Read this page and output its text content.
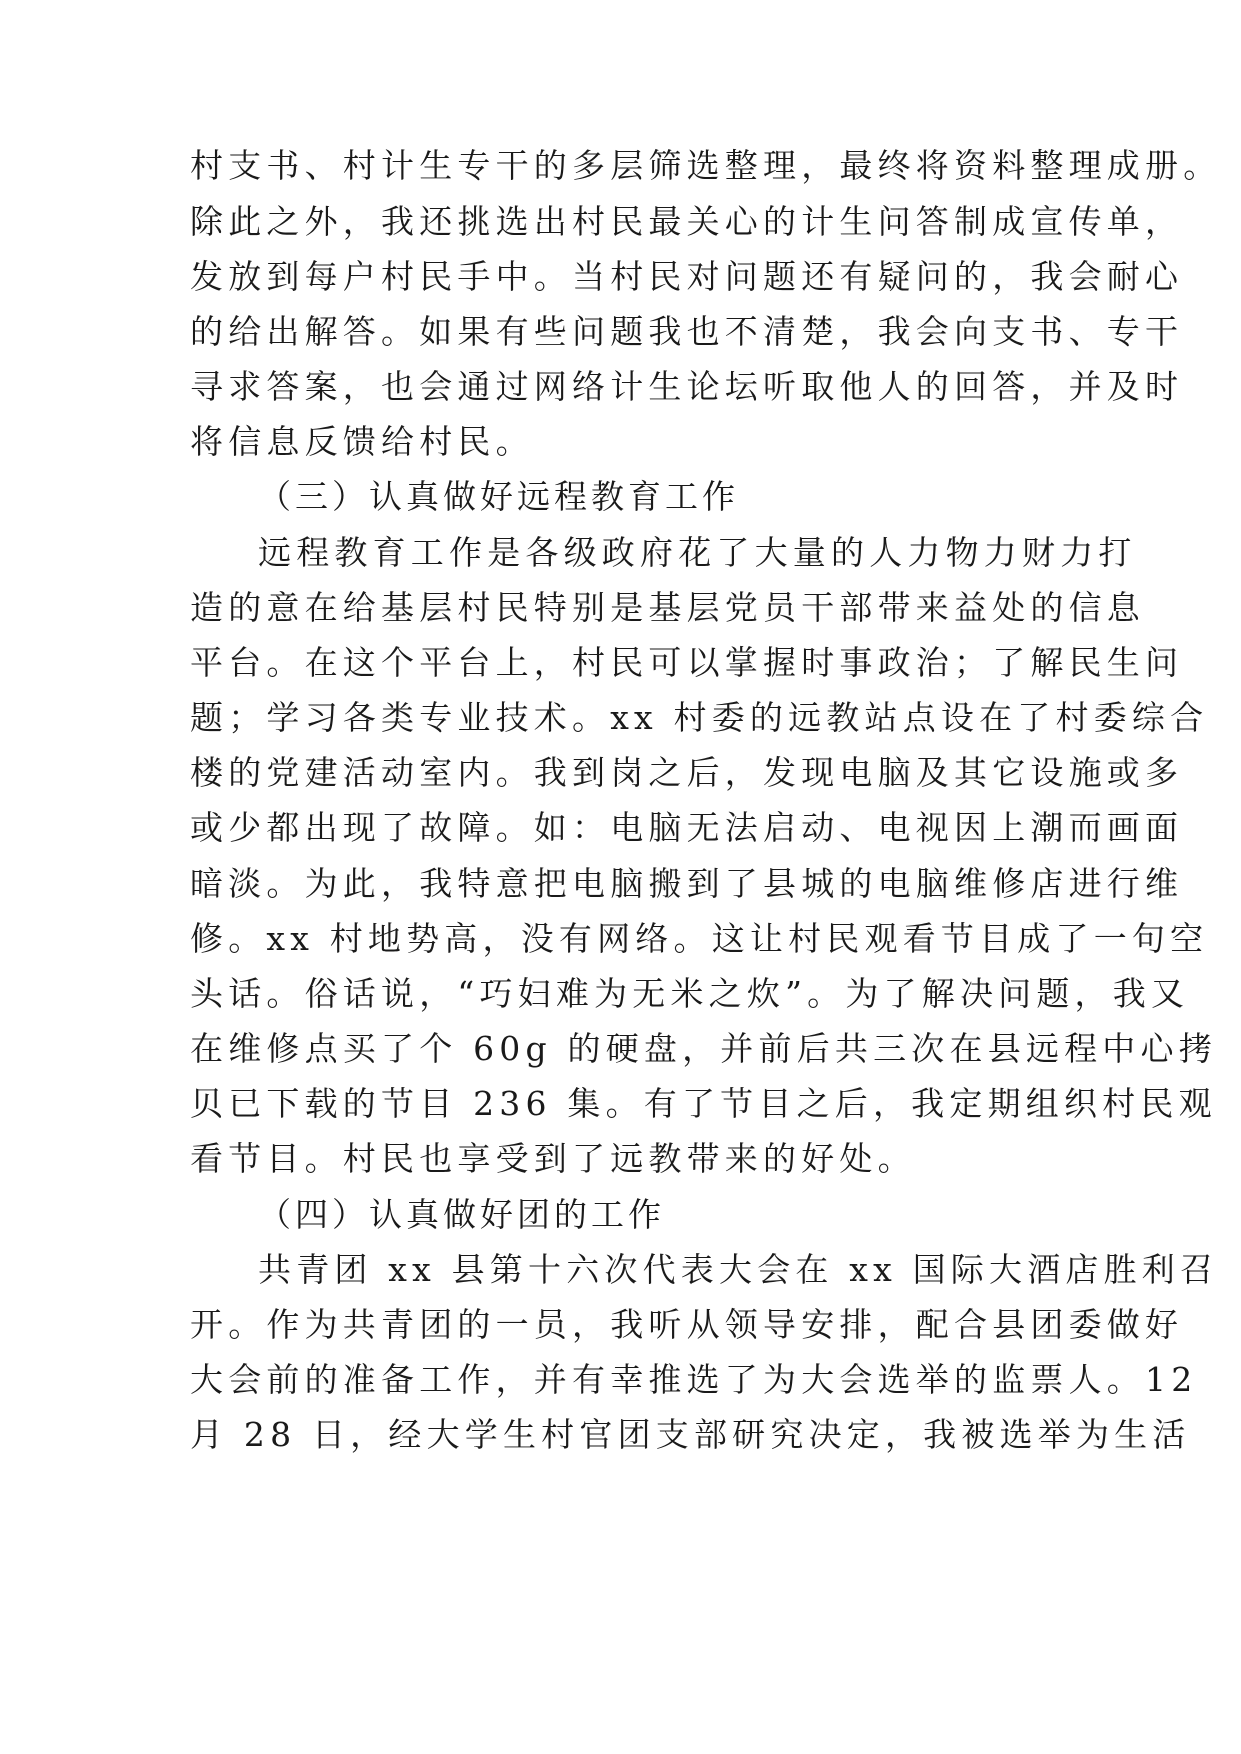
村支书、村计生专干的多层筛选整理，最终将资料整理成册。
除此之外，我还挑选出村民最关心的计生问答制成宣传单，
发放到每户村民手中。当村民对问题还有疑问的，我会耐心
的给出解答。如果有些问题我也不清楚，我会向支书、专干
寻求答案，也会通过网络计生论坛听取他人的回答，并及时
将信息反馈给村民。
（三）认真做好远程教育工作
远程教育工作是各级政府花了大量的人力物力财力打
造的意在给基层村民特别是基层党员干部带来益处的信息
平台。在这个平台上，村民可以掌握时事政治；了解民生问
题；学习各类专业技术。xx 村委的远教站点设在了村委综合
楼的党建活动室内。我到岗之后，发现电脑及其它设施或多
或少都出现了故障。如：电脑无法启动、电视因上潮而画面
暗淡。为此，我特意把电脑搬到了县城的电脑维修店进行维
修。xx 村地势高，没有网络。这让村民观看节目成了一句空
头话。俗话说，“巧妇难为无米之炊”。为了解决问题，我又
在维修点买了个 60g 的硬盘，并前后共三次在县远程中心拷
贝已下载的节目 236 集。有了节目之后，我定期组织村民观
看节目。村民也享受到了远教带来的好处。
（四）认真做好团的工作
共青团 xx 县第十六次代表大会在 xx 国际大酒店胜利召
开。作为共青团的一员，我听从领导安排，配合县团委做好
大会前的准备工作，并有幸推选了为大会选举的监票人。12
月 28 日，经大学生村官团支部研究决定，我被选举为生活
